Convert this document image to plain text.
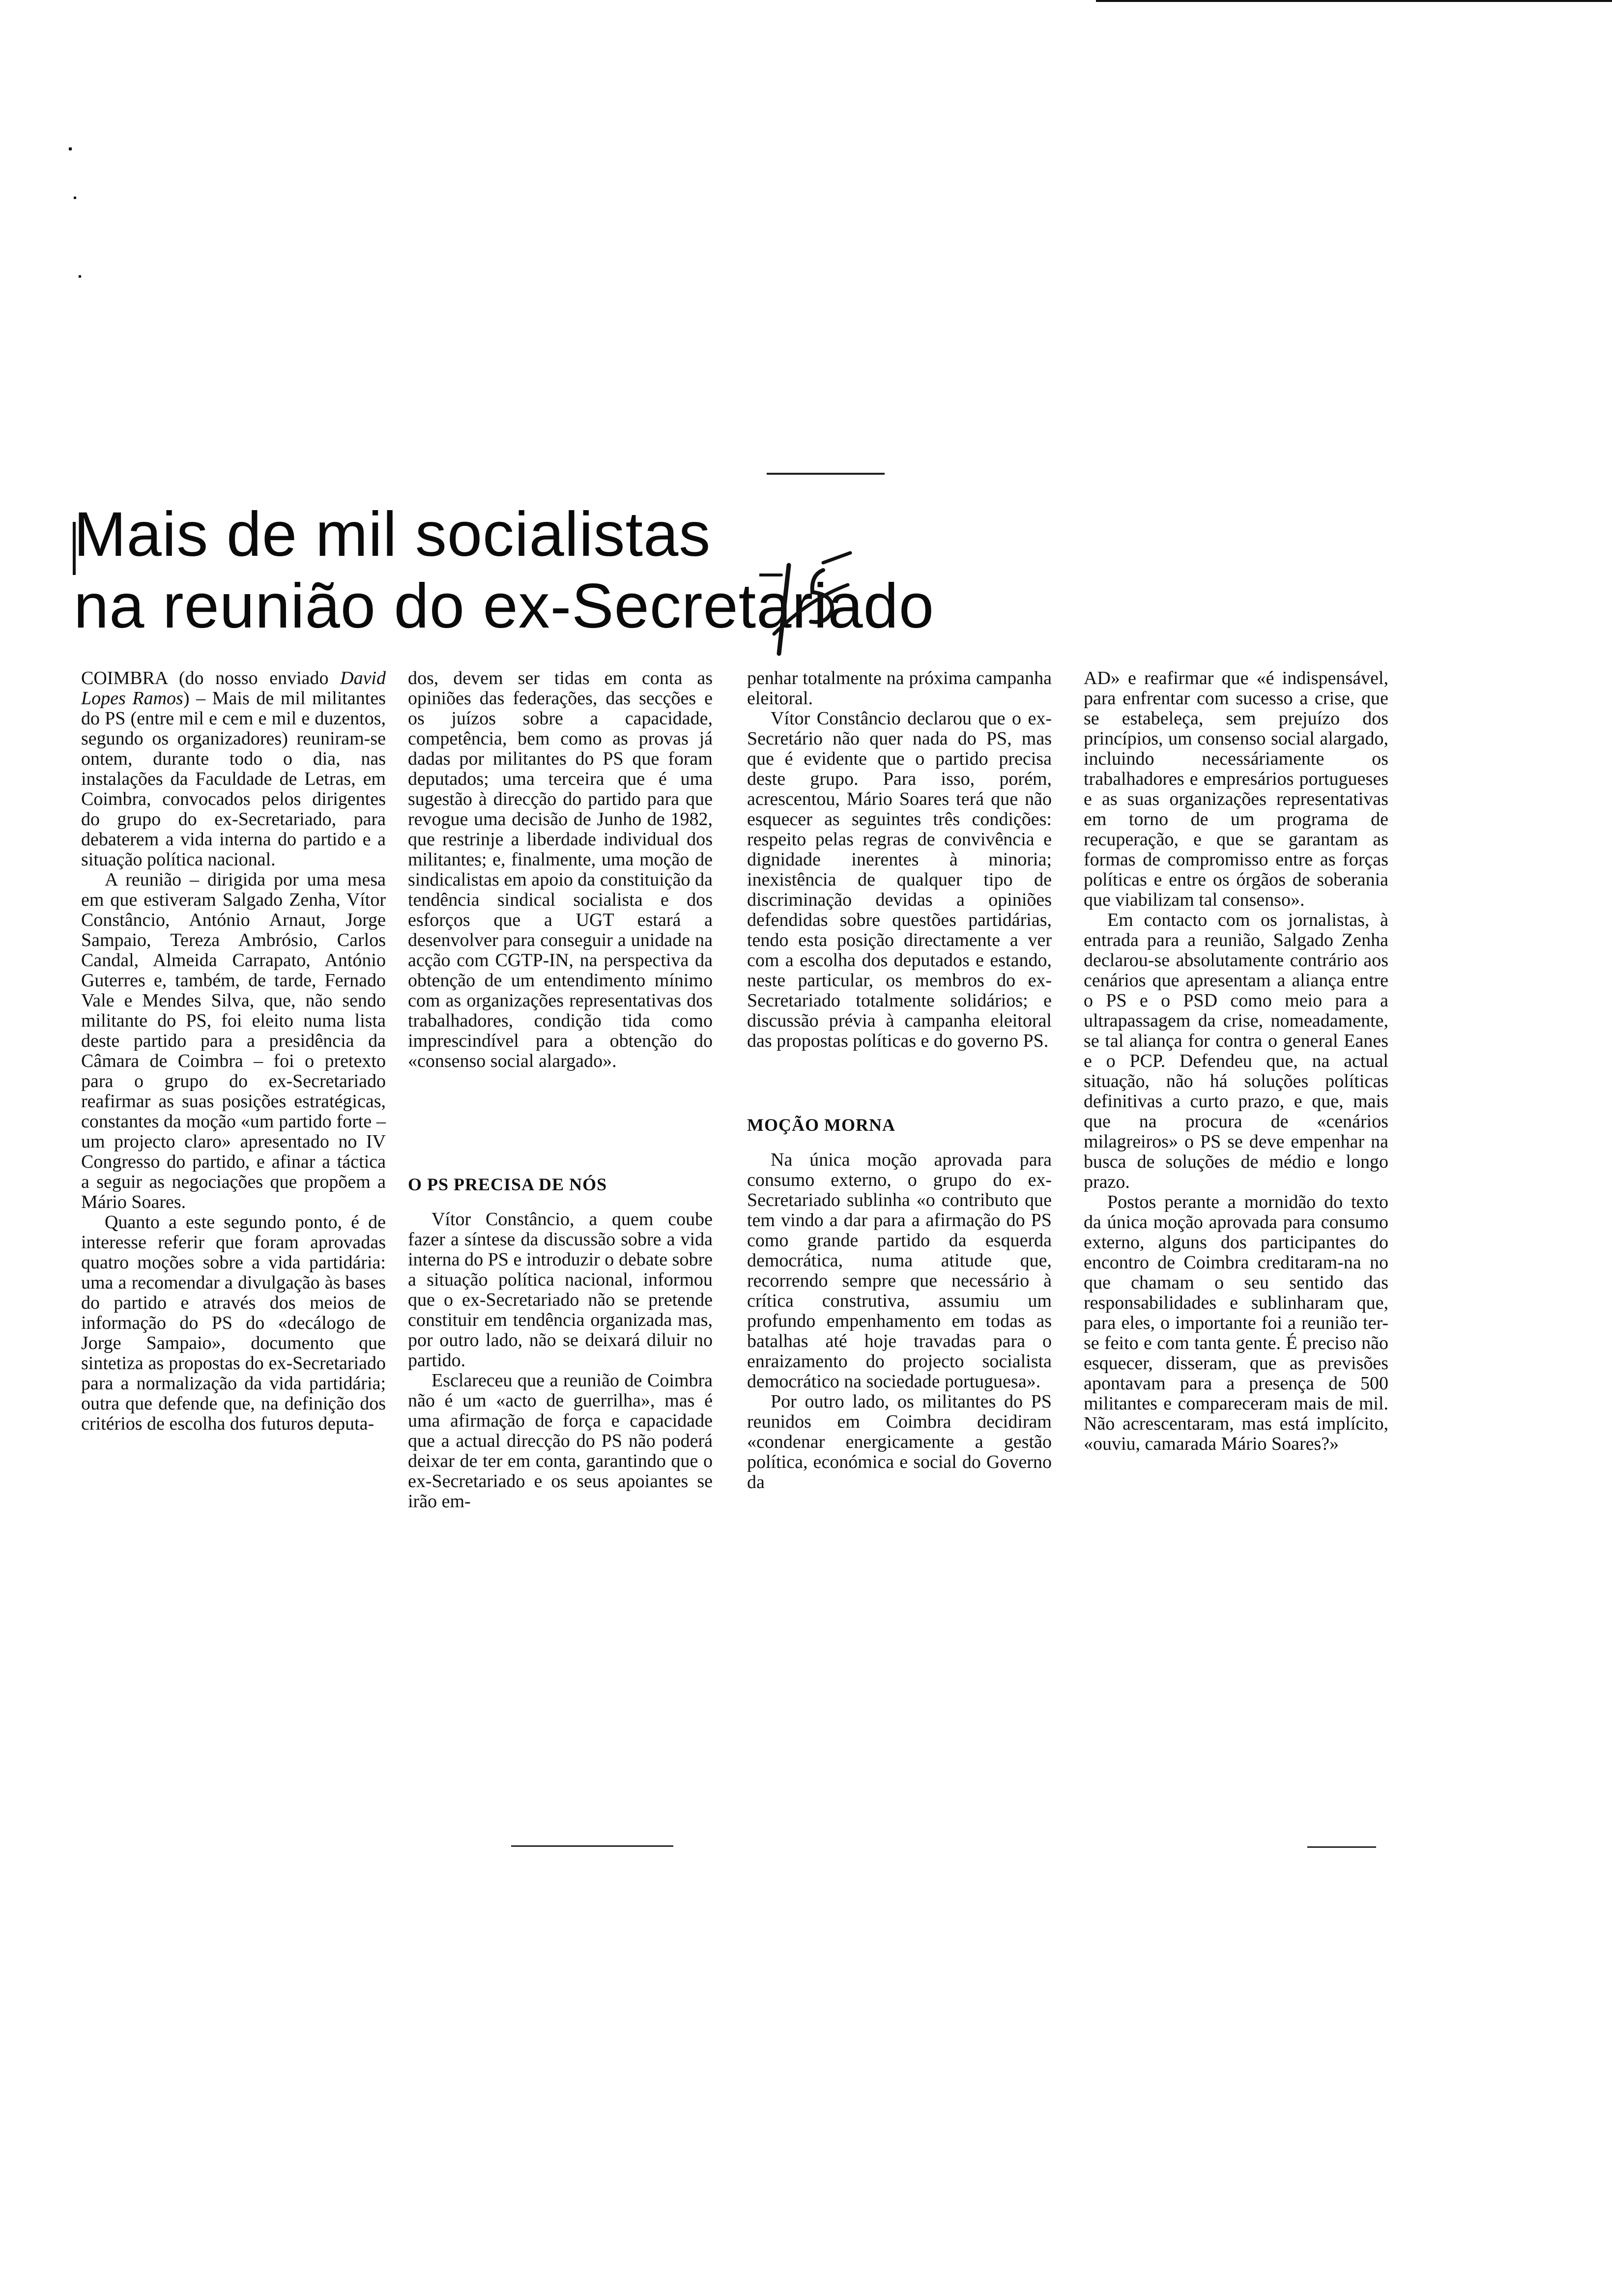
Mais de mil socialistas
na reunião do ex-Secretariado

COIMBRA (do nosso enviado David Lopes Ramos) – Mais de mil militantes do PS (entre mil e cem e mil e duzentos, segundo os organizadores) reuniram-se ontem, durante todo o dia, nas instalações da Faculdade de Letras, em Coimbra, convocados pelos dirigentes do grupo do ex-Secretariado, para debaterem a vida interna do partido e a situação política nacional.

A reunião – dirigida por uma mesa em que estiveram Salgado Zenha, Vítor Constâncio, António Arnaut, Jorge Sampaio, Tereza Ambrósio, Carlos Candal, Almeida Carrapato, António Guterres e, também, de tarde, Fernado Vale e Mendes Silva, que, não sendo militante do PS, foi eleito numa lista deste partido para a presidência da Câmara de Coimbra – foi o pretexto para o grupo do ex-Secretariado reafirmar as suas posições estratégicas, constantes da moção «um partido forte – um projecto claro» apresentado no IV Congresso do partido, e afinar a táctica a seguir as negociações que propõem a Mário Soares.

Quanto a este segundo ponto, é de interesse referir que foram aprovadas quatro moções sobre a vida partidária: uma a recomendar a divulgação às bases do partido e através dos meios de informação do PS do «decálogo de Jorge Sampaio», documento que sintetiza as propostas do ex-Secretariado para a normalização da vida partidária; outra que defende que, na definição dos critérios de escolha dos futuros deputa-

dos, devem ser tidas em conta as opiniões das federações, das secções e os juízos sobre a capacidade, competência, bem como as provas já dadas por militantes do PS que foram deputados; uma terceira que é uma sugestão à direcção do partido para que revogue uma decisão de Junho de 1982, que restrinje a liberdade individual dos militantes; e, finalmente, uma moção de sindicalistas em apoio da constituição da tendência sindical socialista e dos esforços que a UGT estará a desenvolver para conseguir a unidade na acção com CGTP-IN, na perspectiva da obtenção de um entendimento mínimo com as organizações representativas dos trabalhadores, condição tida como imprescindível para a obtenção do «consenso social alargado».

O PS PRECISA DE NÓS

Vítor Constâncio, a quem coube fazer a síntese da discussão sobre a vida interna do PS e introduzir o debate sobre a situação política nacional, informou que o ex-Secretariado não se pretende constituir em tendência organizada mas, por outro lado, não se deixará diluir no partido.

Esclareceu que a reunião de Coimbra não é um «acto de guerrilha», mas é uma afirmação de força e capacidade que a actual direcção do PS não poderá deixar de ter em conta, garantindo que o ex-Secretariado e os seus apoiantes se irão em-

penhar totalmente na próxima campanha eleitoral.

Vítor Constâncio declarou que o ex-Secretário não quer nada do PS, mas que é evidente que o partido precisa deste grupo. Para isso, porém, acrescentou, Mário Soares terá que não esquecer as seguintes três condições: respeito pelas regras de convivência e dignidade inerentes à minoria; inexistência de qualquer tipo de discriminação devidas a opiniões defendidas sobre questões partidárias, tendo esta posição directamente a ver com a escolha dos deputados e estando, neste particular, os membros do ex-Secretariado totalmente solidários; e discussão prévia à campanha eleitoral das propostas políticas e do governo PS.

MOÇÃO MORNA

Na única moção aprovada para consumo externo, o grupo do ex-Secretariado sublinha «o contributo que tem vindo a dar para a afirmação do PS como grande partido da esquerda democrática, numa atitude que, recorrendo sempre que necessário à crítica construtiva, assumiu um profundo empenhamento em todas as batalhas até hoje travadas para o enraizamento do projecto socialista democrático na sociedade portuguesa».

Por outro lado, os militantes do PS reunidos em Coimbra decidiram «condenar energicamente a gestão política, económica e social do Governo da

AD» e reafirmar que «é indispensável, para enfrentar com sucesso a crise, que se estabeleça, sem prejuízo dos princípios, um consenso social alargado, incluindo necessáriamente os trabalhadores e empresários portugueses e as suas organizações representativas em torno de um programa de recuperação, e que se garantam as formas de compromisso entre as forças políticas e entre os órgãos de soberania que viabilizam tal consenso».

Em contacto com os jornalistas, à entrada para a reunião, Salgado Zenha declarou-se absolutamente contrário aos cenários que apresentam a aliança entre o PS e o PSD como meio para a ultrapassagem da crise, nomeadamente, se tal aliança for contra o general Eanes e o PCP. Defendeu que, na actual situação, não há soluções políticas definitivas a curto prazo, e que, mais que na procura de «cenários milagreiros» o PS se deve empenhar na busca de soluções de médio e longo prazo.

Postos perante a mornidão do texto da única moção aprovada para consumo externo, alguns dos participantes do encontro de Coimbra creditaram-na no que chamam o seu sentido das responsabilidades e sublinharam que, para eles, o importante foi a reunião ter-se feito e com tanta gente. É preciso não esquecer, disseram, que as previsões apontavam para a presença de 500 militantes e compareceram mais de mil. Não acrescentaram, mas está implícito, «ouviu, camarada Mário Soares?»
